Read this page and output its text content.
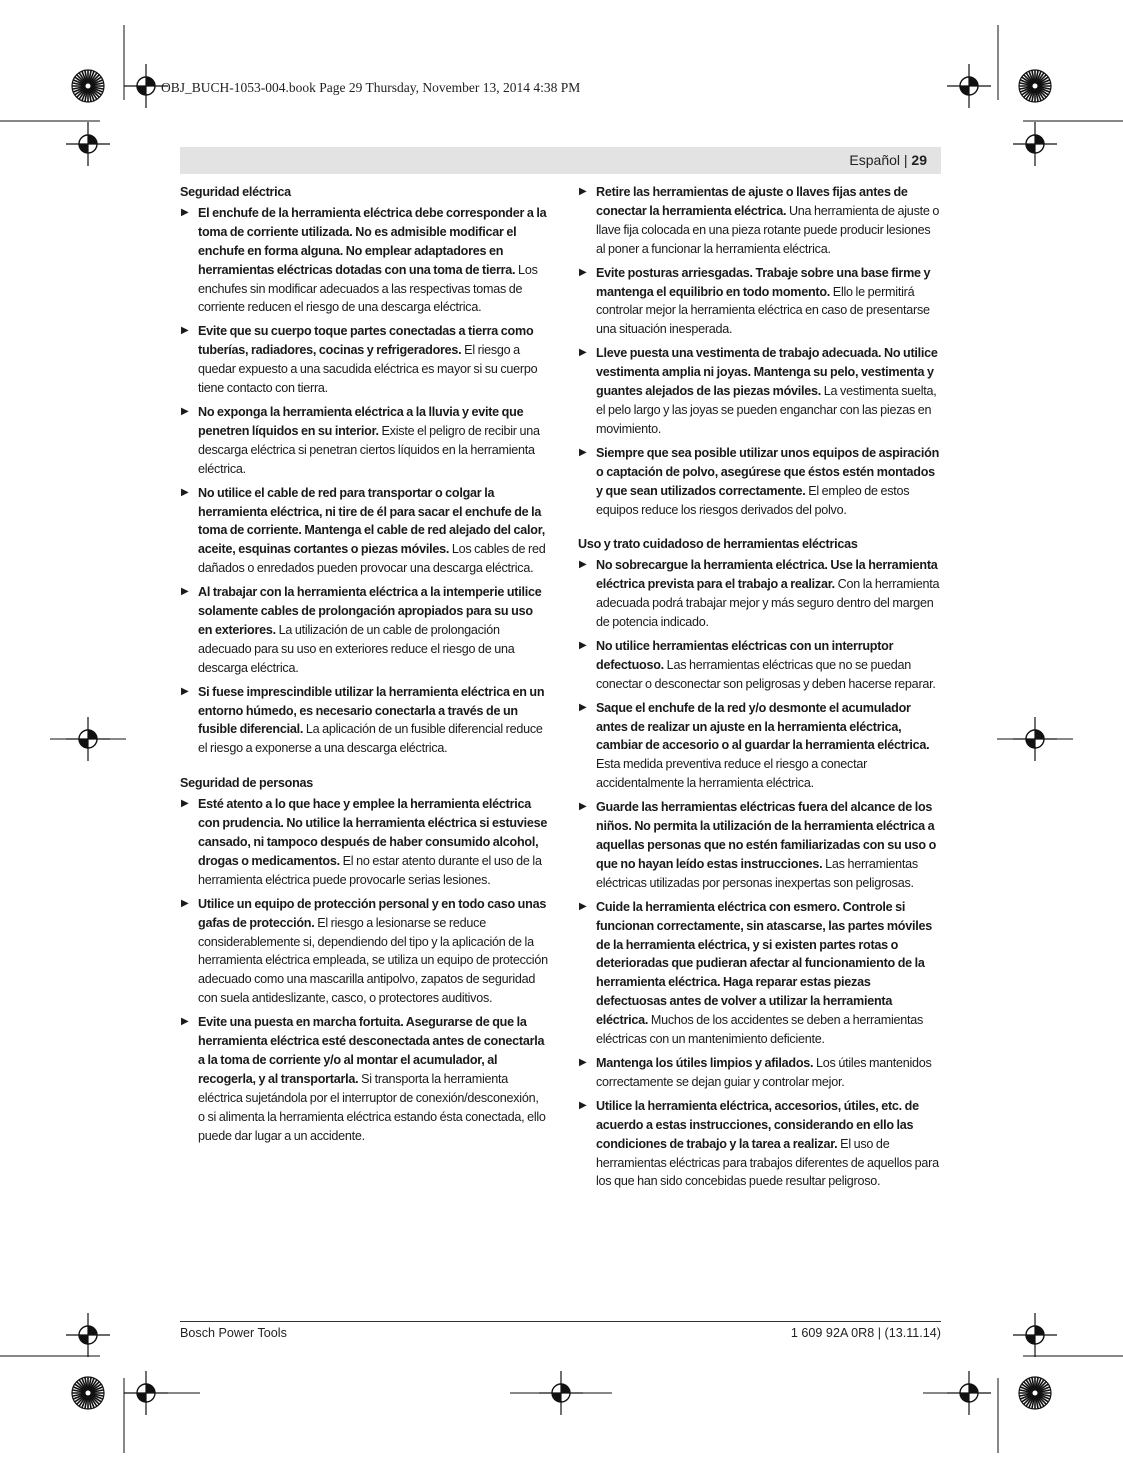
OBJ_BUCH-1053-004.book Page 29 Thursday, November 13, 2014 4:38 PM
Español | 29
Seguridad eléctrica
▶ El enchufe de la herramienta eléctrica debe corresponder a la toma de corriente utilizada. No es admisible modificar el enchufe en forma alguna. No emplear adaptadores en herramientas eléctricas dotadas con una toma de tierra. Los enchufes sin modificar adecuados a las respectivas tomas de corriente reducen el riesgo de una descarga eléctrica.
▶ Evite que su cuerpo toque partes conectadas a tierra como tuberías, radiadores, cocinas y refrigeradores. El riesgo a quedar expuesto a una sacudida eléctrica es mayor si su cuerpo tiene contacto con tierra.
▶ No exponga la herramienta eléctrica a la lluvia y evite que penetren líquidos en su interior. Existe el peligro de recibir una descarga eléctrica si penetran ciertos líquidos en la herramienta eléctrica.
▶ No utilice el cable de red para transportar o colgar la herramienta eléctrica, ni tire de él para sacar el enchufe de la toma de corriente. Mantenga el cable de red alejado del calor, aceite, esquinas cortantes o piezas móviles. Los cables de red dañados o enredados pueden provocar una descarga eléctrica.
▶ Al trabajar con la herramienta eléctrica a la intemperie utilice solamente cables de prolongación apropiados para su uso en exteriores. La utilización de un cable de prolongación adecuado para su uso en exteriores reduce el riesgo de una descarga eléctrica.
▶ Si fuese imprescindible utilizar la herramienta eléctrica en un entorno húmedo, es necesario conectarla a través de un fusible diferencial. La aplicación de un fusible diferencial reduce el riesgo a exponerse a una descarga eléctrica.
Seguridad de personas
▶ Esté atento a lo que hace y emplee la herramienta eléctrica con prudencia. No utilice la herramienta eléctrica si estuviese cansado, ni tampoco después de haber consumido alcohol, drogas o medicamentos. El no estar atento durante el uso de la herramienta eléctrica puede provocarle serias lesiones.
▶ Utilice un equipo de protección personal y en todo caso unas gafas de protección. El riesgo a lesionarse se reduce considerablemente si, dependiendo del tipo y la aplicación de la herramienta eléctrica empleada, se utiliza un equipo de protección adecuado como una mascarilla antipolvo, zapatos de seguridad con suela antideslizante, casco, o protectores auditivos.
▶ Evite una puesta en marcha fortuita. Asegurarse de que la herramienta eléctrica esté desconectada antes de conectarla a la toma de corriente y/o al montar el acumulador, al recogerla, y al transportarla. Si transporta la herramienta eléctrica sujetándola por el interruptor de conexión/desconexión, o si alimenta la herramienta eléctrica estando ésta conectada, ello puede dar lugar a un accidente.
▶ Retire las herramientas de ajuste o llaves fijas antes de conectar la herramienta eléctrica. Una herramienta de ajuste o llave fija colocada en una pieza rotante puede producir lesiones al poner a funcionar la herramienta eléctrica.
▶ Evite posturas arriesgadas. Trabaje sobre una base firme y mantenga el equilibrio en todo momento. Ello le permitirá controlar mejor la herramienta eléctrica en caso de presentarse una situación inesperada.
▶ Lleve puesta una vestimenta de trabajo adecuada. No utilice vestimenta amplia ni joyas. Mantenga su pelo, vestimenta y guantes alejados de las piezas móviles. La vestimenta suelta, el pelo largo y las joyas se pueden enganchar con las piezas en movimiento.
▶ Siempre que sea posible utilizar unos equipos de aspiración o captación de polvo, asegúrese que éstos estén montados y que sean utilizados correctamente. El empleo de estos equipos reduce los riesgos derivados del polvo.
Uso y trato cuidadoso de herramientas eléctricas
▶ No sobrecargue la herramienta eléctrica. Use la herramienta eléctrica prevista para el trabajo a realizar. Con la herramienta adecuada podrá trabajar mejor y más seguro dentro del margen de potencia indicado.
▶ No utilice herramientas eléctricas con un interruptor defectuoso. Las herramientas eléctricas que no se puedan conectar o desconectar son peligrosas y deben hacerse reparar.
▶ Saque el enchufe de la red y/o desmonte el acumulador antes de realizar un ajuste en la herramienta eléctrica, cambiar de accesorio o al guardar la herramienta eléctrica. Esta medida preventiva reduce el riesgo a conectar accidentalmente la herramienta eléctrica.
▶ Guarde las herramientas eléctricas fuera del alcance de los niños. No permita la utilización de la herramienta eléctrica a aquellas personas que no estén familiarizadas con su uso o que no hayan leído estas instrucciones. Las herramientas eléctricas utilizadas por personas inexpertas son peligrosas.
▶ Cuide la herramienta eléctrica con esmero. Controle si funcionan correctamente, sin atascarse, las partes móviles de la herramienta eléctrica, y si existen partes rotas o deterioradas que pudieran afectar al funcionamiento de la herramienta eléctrica. Haga reparar estas piezas defectuosas antes de volver a utilizar la herramienta eléctrica. Muchos de los accidentes se deben a herramientas eléctricas con un mantenimiento deficiente.
▶ Mantenga los útiles limpios y afilados. Los útiles mantenidos correctamente se dejan guiar y controlar mejor.
▶ Utilice la herramienta eléctrica, accesorios, útiles, etc. de acuerdo a estas instrucciones, considerando en ello las condiciones de trabajo y la tarea a realizar. El uso de herramientas eléctricas para trabajos diferentes de aquellos para los que han sido concebidas puede resultar peligroso.
Bosch Power Tools	1 609 92A 0R8 | (13.11.14)
